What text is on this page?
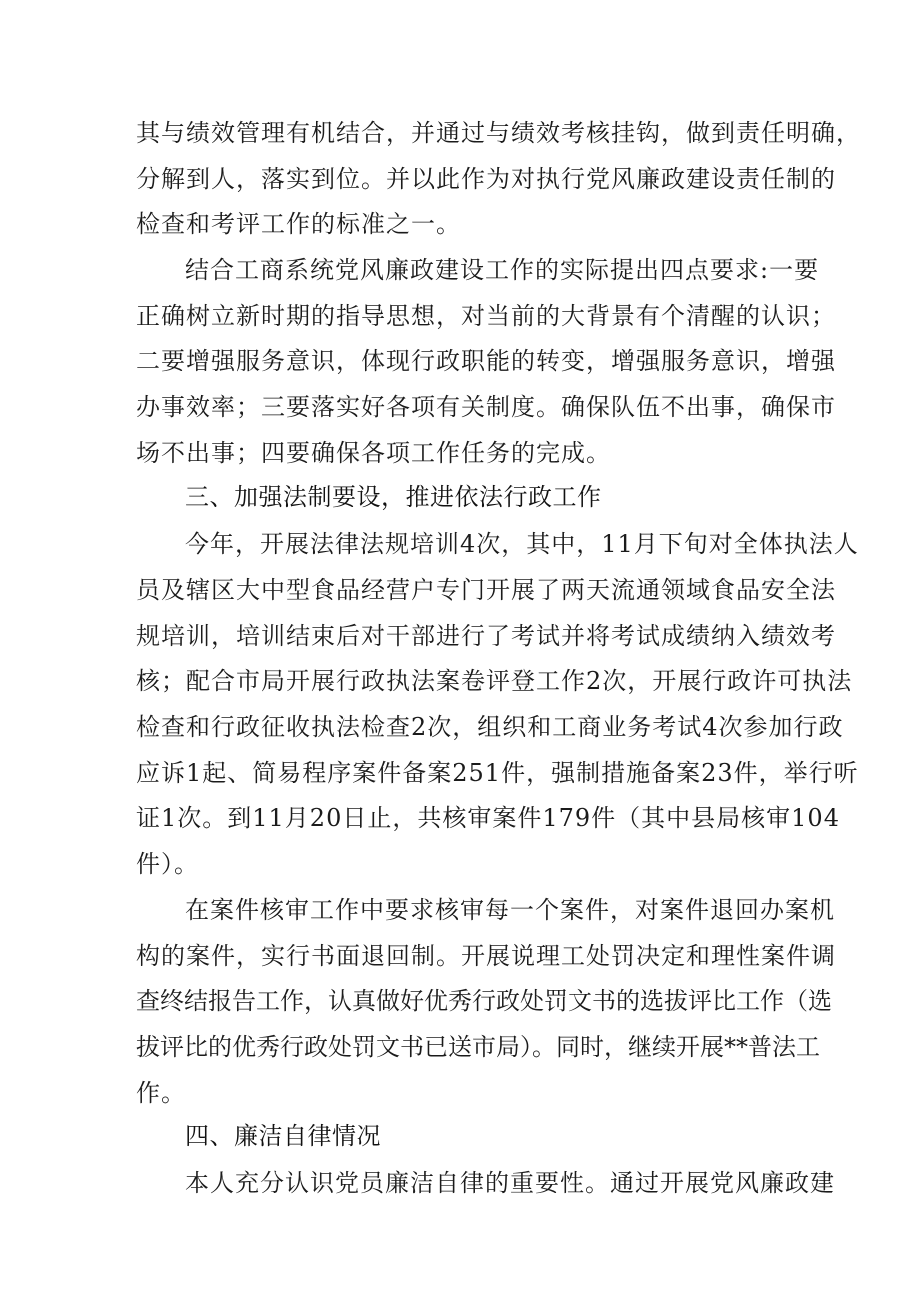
其与绩效管理有机结合，并通过与绩效考核挂钩，做到责任明确，
分解到人，落实到位。并以此作为对执行党风廉政建设责任制的
检查和考评工作的标准之一。
结合工商系统党风廉政建设工作的实际提出四点要求:一要
正确树立新时期的指导思想，对当前的大背景有个清醒的认识；
二要增强服务意识，体现行政职能的转变，增强服务意识，增强
办事效率；三要落实好各项有关制度。确保队伍不出事，确保市
场不出事；四要确保各项工作任务的完成。
三、加强法制要设，推进依法行政工作
今年，开展法律法规培训4次，其中，11月下旬对全体执法人
员及辖区大中型食品经营户专门开展了两天流通领域食品安全法
规培训，培训结束后对干部进行了考试并将考试成绩纳入绩效考
核；配合市局开展行政执法案卷评登工作2次，开展行政许可执法
检查和行政征收执法检查2次，组织和工商业务考试4次参加行政
应诉1起、简易程序案件备案251件，强制措施备案23件，举行听
证1次。到11月20日止，共核审案件179件（其中县局核审104
件）。
在案件核审工作中要求核审每一个案件，对案件退回办案机
构的案件，实行书面退回制。开展说理工处罚决定和理性案件调
查终结报告工作，认真做好优秀行政处罚文书的选拔评比工作（选
拔评比的优秀行政处罚文书已送市局）。同时，继续开展**普法工
作。
四、廉洁自律情况
本人充分认识党员廉洁自律的重要性。通过开展党风廉政建
